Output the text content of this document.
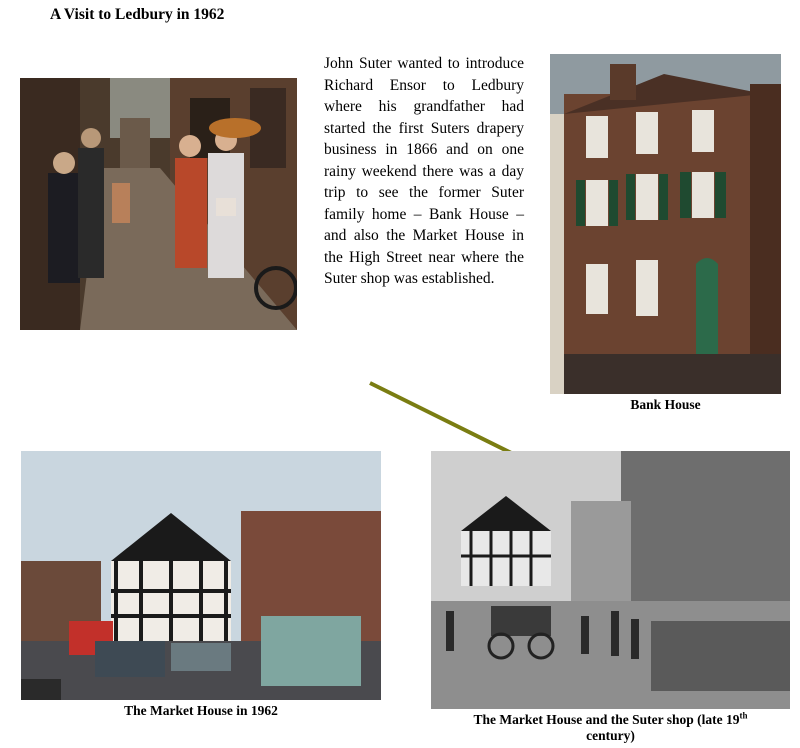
A Visit to Ledbury in 1962
John Suter wanted to introduce Richard Ensor to Ledbury where his grandfather had started the first Suters drapery business in 1866 and on one rainy weekend there was a day trip to see the former Suter family home – Bank House – and also the Market House in the High Street near where the Suter shop was established.
Bank House
The Market House in 1962
The Market House and the Suter shop (late 19th
century)
